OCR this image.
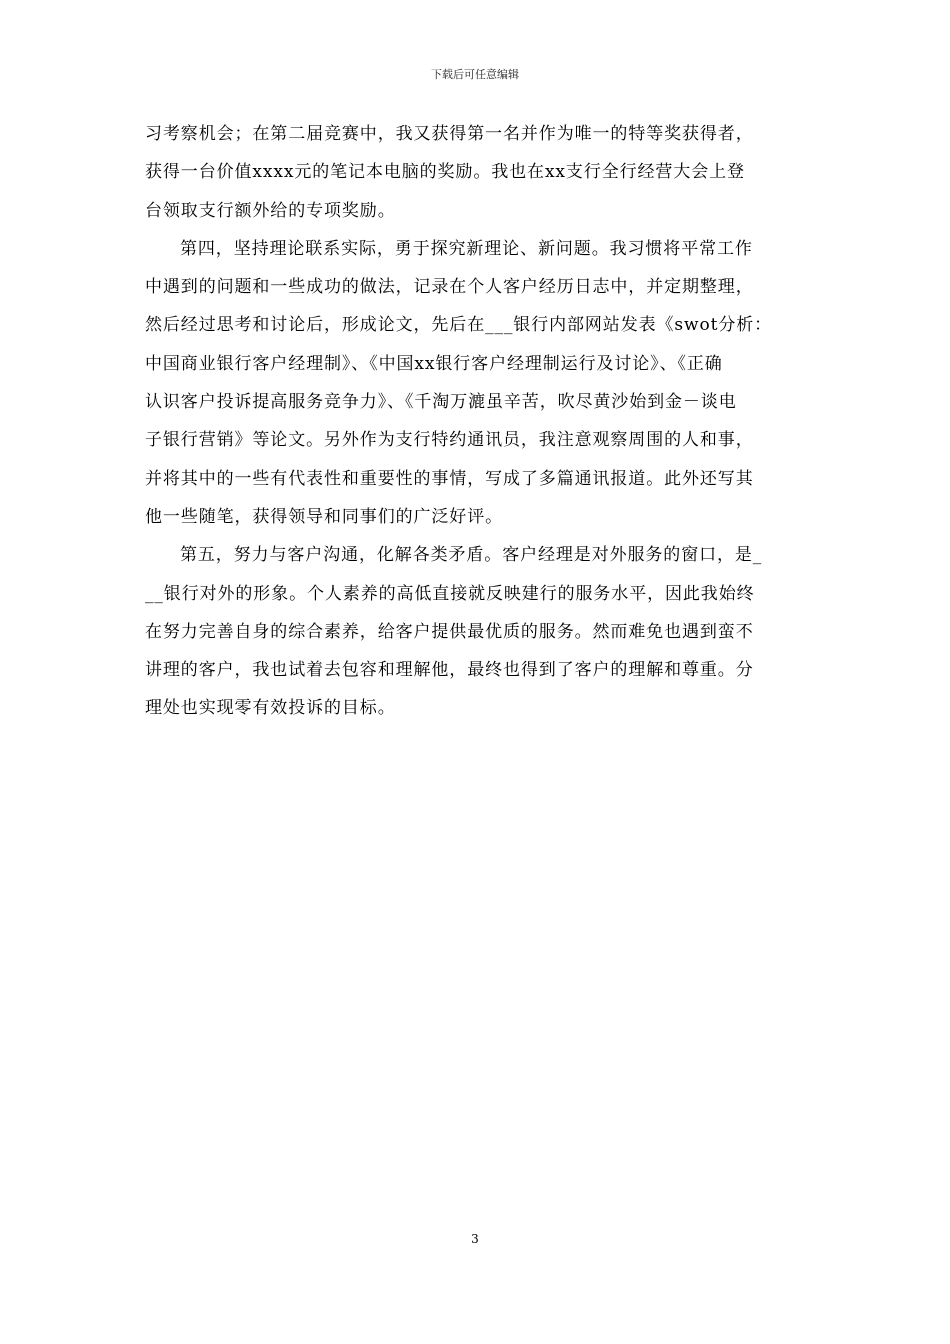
下载后可任意编辑
习考察机会；在第二届竞赛中，我又获得第一名并作为唯一的特等奖获得者，
获得一台价值xxxx元的笔记本电脑的奖励。我也在xx支行全行经营大会上登
台领取支行额外给的专项奖励。
第四，坚持理论联系实际，勇于探究新理论、新问题。我习惯将平常工作
中遇到的问题和一些成功的做法，记录在个人客户经历日志中，并定期整理，
然后经过思考和讨论后，形成论文，先后在___银行内部网站发表《swot分析：
中国商业银行客户经理制》、《中国xx银行客户经理制运行及讨论》、《正确
认识客户投诉提高服务竞争力》、《千淘万漉虽辛苦，吹尽黄沙始到金－谈电
子银行营销》等论文。另外作为支行特约通讯员，我注意观察周围的人和事，
并将其中的一些有代表性和重要性的事情，写成了多篇通讯报道。此外还写其
他一些随笔，获得领导和同事们的广泛好评。
第五，努力与客户沟通，化解各类矛盾。客户经理是对外服务的窗口，是_
__银行对外的形象。个人素养的高低直接就反映建行的服务水平，因此我始终
在努力完善自身的综合素养，给客户提供最优质的服务。然而难免也遇到蛮不
讲理的客户，我也试着去包容和理解他，最终也得到了客户的理解和尊重。分
理处也实现零有效投诉的目标。
3
